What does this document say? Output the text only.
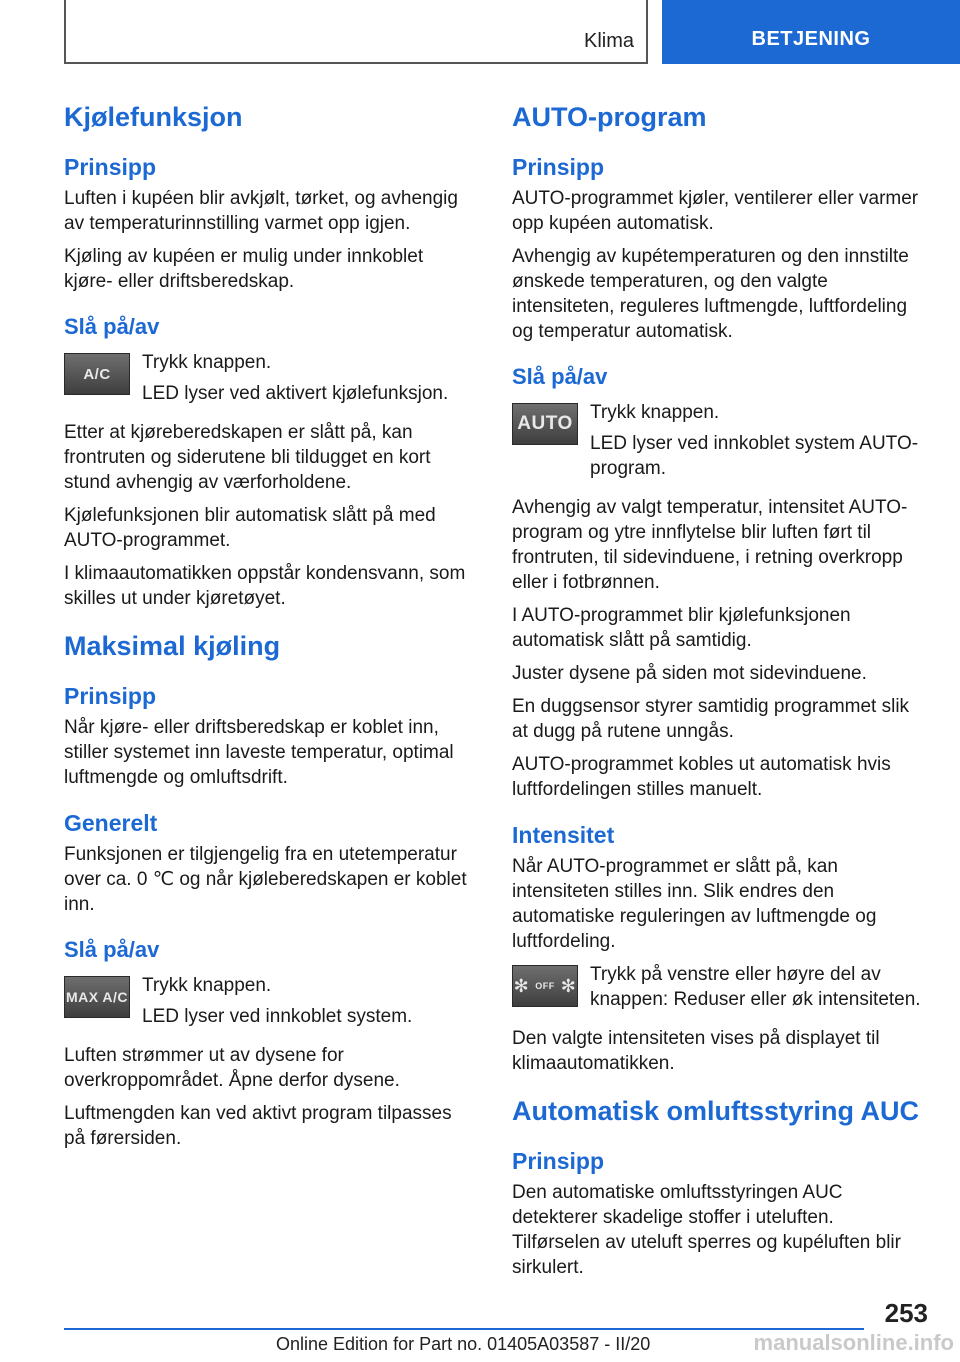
Klima	BETJENING
Kjølefunksjon
Prinsipp

Luften i kupéen blir avkjølt, tørket, og avhengig av temperaturinnstilling varmet opp igjen.

Kjøling av kupéen er mulig under innkoblet kjøre- eller driftsberedskap.

Slå på/av
A/C

Trykk knappen.

LED lyser ved aktivert kjølefunksjon.

Etter at kjøreberedskapen er slått på, kan frontruten og siderutene bli tildugget en kort stund avhengig av værforholdene.

Kjølefunksjonen blir automatisk slått på med AUTO-programmet.

I klimaautomatikken oppstår kondensvann, som skilles ut under kjøretøyet.

Maksimal kjøling
Prinsipp

Når kjøre- eller driftsberedskap er koblet inn, stiller systemet inn laveste temperatur, optimal luftmengde og omluftsdrift.

Generelt

Funksjonen er tilgjengelig fra en utetemperatur over ca. 0 ℃ og når kjøleberedskapen er koblet inn.

Slå på/av
MAX A/C

Trykk knappen.

LED lyser ved innkoblet system.

Luften strømmer ut av dysene for overkroppområdet. Åpne derfor dysene.

Luftmengden kan ved aktivt program tilpasses på førersiden.

AUTO-program
Prinsipp

AUTO-programmet kjøler, ventilerer eller varmer opp kupéen automatisk.

Avhengig av kupétemperaturen og den innstilte ønskede temperaturen, og den valgte intensiteten, reguleres luftmengde, luftfordeling og temperatur automatisk.

Slå på/av
AUTO

Trykk knappen.

LED lyser ved innkoblet system AUTO-program.

Avhengig av valgt temperatur, intensitet AUTO-program og ytre innflytelse blir luften ført til frontruten, til sidevinduene, i retning overkropp eller i fotbrønnen.

I AUTO-programmet blir kjølefunksjonen automatisk slått på samtidig.

Juster dysene på siden mot sidevinduene.

En duggsensor styrer samtidig programmet slik at dugg på rutene unngås.

AUTO-programmet kobles ut automatisk hvis luftfordelingen stilles manuelt.

Intensitet

Når AUTO-programmet er slått på, kan intensiteten stilles inn. Slik endres den automatiske reguleringen av luftmengde og luftfordeling.

✻ OFF ✻

Trykk på venstre eller høyre del av knappen: Reduser eller øk intensiteten.

Den valgte intensiteten vises på displayet til klimaautomatikken.

Automatisk omluftsstyring AUC
Prinsipp

Den automatiske omluftsstyringen AUC detekterer skadelige stoffer i uteluften. Tilførselen av uteluft sperres og kupéluften blir sirkulert.

253
Online Edition for Part no. 01405A03587 - II/20	manualsonline.info
